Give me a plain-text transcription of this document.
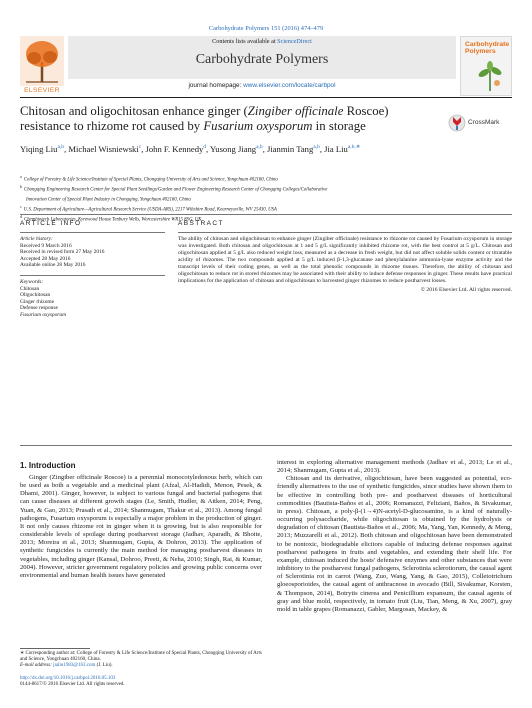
Carbohydrate Polymers 151 (2016) 474–479
ELSEVIER
Contents lists available at ScienceDirect
Carbohydrate Polymers
journal homepage: www.elsevier.com/locate/carbpol
Carbohydrate Polymers
Chitosan and oligochitosan enhance ginger (Zingiber officinale Roscoe)
resistance to rhizome rot caused by Fusarium oxysporum in storage	CrossMark
Yiqing Liu$^{a,b}$, Michael Wisniewski$^c$, John F. Kennedy$^d$, Yusong Jiang$^{a,b}$, Jianmin Tang$^{a,b}$, Jia Liu$^{a,b,∗}$
$^a$College of Forestry & Life Science/Institute of Special Plants, Chongqing University of Arts and Science, Yongchuan 402160, China
$^b$Chongqing Engineering Research Center for Special Plant Seedlings/Garden and Flower Engineering Research Center of Chongqing Colleges/Collaborative
Innovation Center of Special Plant Industry in Chongqing, Yongchuan 402160, China
$^c$U.S. Department of Agriculture—Agricultural Research Service (USDA-ARS), 2217 Wiltshire Road, Kearneysville, WV 25430, USA
$^d$Chembiotech Laboratories, Kyrewood House Tenbury Wells, Worcestershire WR15 8SG, UK
ARTICLE INFO
Article history:
Received 9 March 2016
Received in revised form 27 May 2016
Accepted 28 May 2016
Available online 28 May 2016
Keywords:
Chitosan
Oligochitosan
Ginger rhizome
Defense response
Fusarium oxysporum
ABSTRACT
The ability of chitosan and oligochitosan to enhance ginger (Zingiber officinale) resistance to rhizome rot caused by Fusarium oxysporum in storage was investigated. Both chitosan and oligochitosan at 1 and 5 g/L significantly inhibited rhizome rot, with the best control at 5 g/L. Chitosan and oligochitosan applied at 5 g/L also reduced weight loss, measured as a decrease in fresh weight, but did not affect soluble solids content or titratable acidity of rhizomes. The two compounds applied at 5 g/L induced β-1,3-glucanase and phenylalanine ammonia-lyase enzyme activity and the transcript levels of their coding genes, as well as the total phenolic compounds in rhizome tissues. Therefore, the ability of chitosan and oligochitosan to reduce rot in stored rhizomes may be associated with their ability to induce defense responses in ginger. These results have practical implications for the application of chitosan and oligochitosan to harvested ginger rhizomes to reduce postharvest losses.
© 2016 Elsevier Ltd. All rights reserved.
1. Introduction

Ginger (Zingiber officinale Roscoe) is a perennial monocotyledonous herb, which can be used as both a vegetable and a medicinal plant (Afzal, Al-Hadidi, Menon, Pesek, & Dhami, 2001). Ginger, however, is subject to various fungal and bacterial pathogens that can cause diseases at different growth stages (Le, Smith, Hudler, & Aitken, 2014; Peng, Yuan, & Gao, 2013; Prasath et al., 2014; Shanmugam, Thakur et al., 2013). Among fungal pathogens, Fusarium oxysporum is especially a major problem in the production of ginger. It not only causes rhizome rot in ginger when it is growing, but is also responsible for considerable levels of spoilage during postharvest storage (Jadhav, Aparadh, & Bhoite, 2013; Moreira et al., 2013; Shanmugam, Gupta, & Dohroo, 2013). The application of synthetic fungicides is currently the main method for managing postharvest diseases in vegetables, including ginger (Kansal, Dohroo, Preeti, & Neha, 2010; Singh, Rai, & Kumar, 2004). However, stricter government regulatory policies and growing public concerns over environmental and human health issues have generated

interest in exploring alternative management methods (Jadhav et al., 2013; Le et al., 2014; Shanmugam, Gupta et al., 2013).

Chitosan and its derivative, oligochitosan, have been suggested as potential, eco-friendly alternatives to the use of synthetic fungicides, since studies have shown them to be effective in controlling both pre- and postharvest diseases of horticultural commodities (Bautista-Baños et al., 2006; Romanazzi, Feliziani, Baños, & Sivakumar, in press). Chitosan, a poly-β-(1→4)N-acetyl-D-glucosamine, is a kind of naturally-occurring polysaccharide, while oligochitosan is obtained by the hydrolysis or degradation of chitosan (Bautista-Baños et al., 2006; Ma, Yang, Yan, Kennedy, & Meng, 2013; Muzzarelli et al., 2012). Both chitosan and oligochitosan have been demonstrated to be nontoxic, biodegradable elicitors capable of inducing defense responses against postharvest pathogens in fruits and vegetables, and extending their shelf life. For example, chitosan induced the hosts' defensive enzymes and other substances that were inhibitory to the postharvest fungal pathogens, Sclerotinia sclerotiorum, the causal agent of Sclerotinia rot in carrot (Wang, Zuo, Wang, Yang, & Gao, 2015), Colletotrichum gloeosporioides, the causal agent of anthracnose in avocado (Bill, Sivakumar, Korsten, & Thompson, 2014), Botrytis cinerea and Penicillium expansum, the causal agents of gray and blue mold, respectively, in tomato fruit (Liu, Tian, Meng, & Xu, 2007), gray mold in table grapes (Romanazzi, Gabler, Margosan, Mackey, &

∗ Corresponding author at: College of Forestry & Life Science/Institute of Special Plants, Chongqing University of Arts and Science, Yongchuan 402160, China.
E-mail address: jialiu1983@163.com (J. Liu).
http://dx.doi.org/10.1016/j.carbpol.2016.05.103
0144-8617/© 2016 Elsevier Ltd. All rights reserved.
